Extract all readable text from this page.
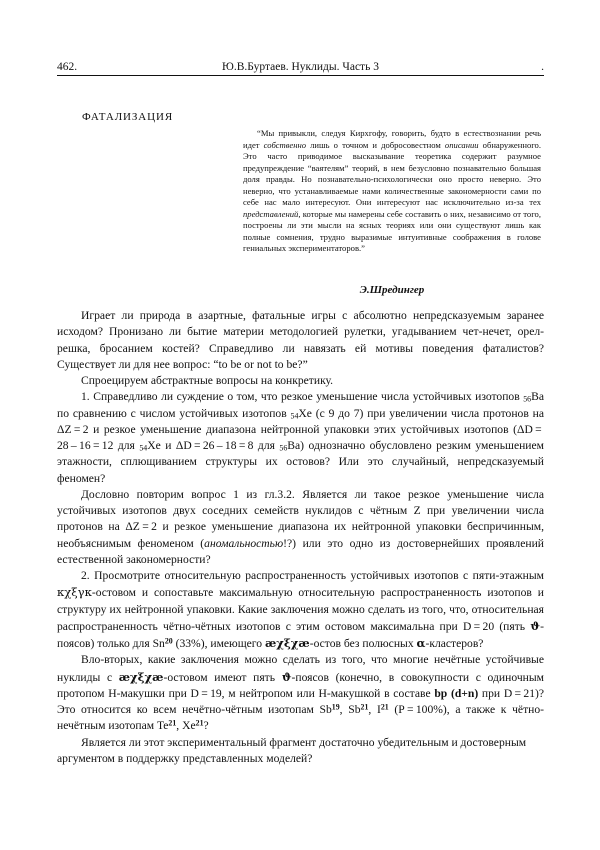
462.	Ю.В.Буртаев. Нуклиды. Часть 3	.
ФАТАЛИЗАЦИЯ

“Мы привыкли, следуя Кирхгофу, говорить, будто в естествознании речь идет собственно лишь о точном и добросовестном описании обнаруженного. Это часто приводимое высказывание теоретика содержит разумное предупреждение “ваятелям” теорий, в нем безусловно познавательно большая доля правды. Но познавательно-психологически оно просто неверно. Это неверно, что устанавливаемые нами количественные закономерности сами по себе нас мало интересуют. Они интересуют нас исключительно из-за тех представлений, которые мы намерены себе составить о них, независимо от того, построены ли эти мысли на ясных теориях или они существуют лишь как полные сомнения, трудно выразимые интуитивные соображения в голове гениальных экспериментаторов.”

Э.Шредингер

Играет ли природа в азартные, фатальные игры с абсолютно непредсказуемым заранее исходом? Пронизано ли бытие материи методологией рулетки, угадыванием чет-нечет, орел-решка, бросанием костей? Справедливо ли навязать ей мотивы поведения фаталистов? Существует ли для нее вопрос: “to be or not to be?”

Спроецируем абстрактные вопросы на конкретику.

1. Справедливо ли суждение о том, что резкое уменьшение числа устойчивых изотопов $_{56}$Ba по сравнению с числом устойчивых изотопов $_{54}$Xe (с 9 до 7) при увеличении числа протонов на ΔZ = 2 и резкое уменьшение диапазона нейтронной упаковки этих устойчивых изотопов (ΔD = 28 – 16 = 12 для $_{54}$Xe и ΔD = 26 – 18 = 8 для $_{56}$Ba) однозначно обусловлено резким уменьшением этажности, сплющиванием структуры их остовов? Или это случайный, непредсказуемый феномен?

Дословно повторим вопрос 1 из гл.3.2. Является ли такое резкое уменьшение числа устойчивых изотопов двух соседних семейств нуклидов с чётным Z при увеличении числа протонов на ΔZ = 2 и резкое уменьшение диапазона их нейтронной упаковки беспричинным, необъяснимым феноменом (аномальностью!?) или это одно из достовернейших проявлений естественной закономерности?

2. Просмотрите относительную распространенность устойчивых изотопов с пяти-этажным кχξγк-остовом и сопоставьте максимальную относительную распространенность изотопов и структуру их нейтронной упаковки. Какие заключения можно сделать из того, что, относительная распространенность чётно-чётных изотопов с этим остовом максимальна при D = 20 (пять ϑ-поясов) только для Sn$^{20}$ (33%), имеющего æχξχæ-остов без полюсных α-кластеров?

Вло-вторых, какие заключения можно сделать из того, что многие нечётные устойчивые нуклиды с æχξχæ-остовом имеют пять ϑ-поясов (конечно, в совокупности с одиночным протопом Н-макушки при D = 19, м нейтропом или Н-макушкой в составе bp (d+n) при D = 21)? Это относится ко всем нечётно-чётным изотопам Sb$^{19}$, Sb$^{21}$, $I^{21}$ (P = 100%), а также к чётно-нечётным изотопам Te$^{21}$, Xe$^{21}$?

Является ли этот экспериментальный фрагмент достаточно убедительным и достоверным аргументом в поддержку представленных моделей?
